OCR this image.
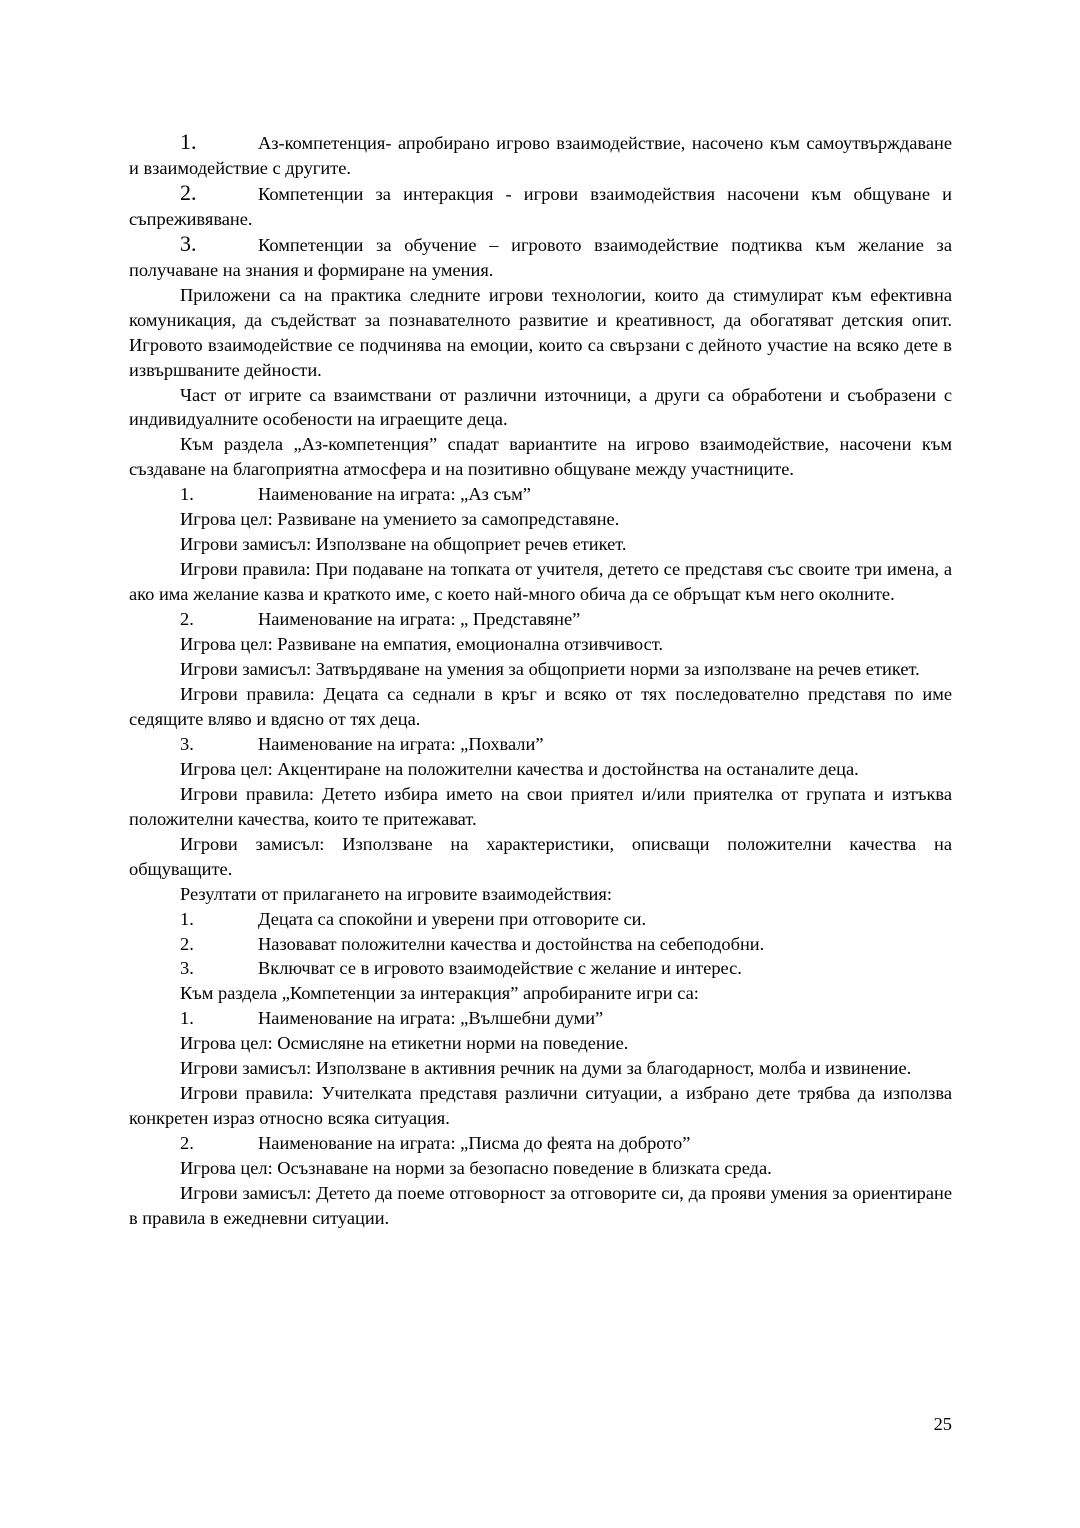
1.	Аз-компетенция- апробирано игрово взаимодействие, насочено към самоутвърждаване и взаимодействие с другите.
2.	Компетенции за интеракция - игрови взаимодействия насочени към общуване и съпреживяване.
3.	Компетенции за обучение – игровото взаимодействие подтиква към желание за получаване на знания и формиране на умения.
Приложени са на практика следните игрови технологии, които да стимулират към ефективна комуникация, да съдействат за познавателното развитие и креативност, да обогатяват детския опит. Игровото взаимодействие се подчинява на емоции, които са свързани с дейното участие на всяко дете в извършваните дейности.
Част от игрите са взаимствани от различни източници, а други са обработени и съобразени с индивидуалните особености на играещите деца.
Към раздела „Аз-компетенция” спадат вариантите на игрово взаимодействие, насочени към създаване на благоприятна атмосфера и на позитивно общуване между участниците.
1.	Наименование на играта: „Аз съм”
Игрова цел: Развиване на умението за самопредставяне.
Игрови замисъл: Използване на общоприет речев етикет.
Игрови правила: При подаване на топката от учителя, детето се представя със своите три имена, а ако има желание казва и краткото име, с което най-много обича да се обръщат към него околните.
2.	Наименование на играта: „ Представяне”
Игрова цел: Развиване на емпатия, емоционална отзивчивост.
Игрови замисъл: Затвърдяване на умения за общоприети норми за използване на речев етикет.
Игрови правила: Децата са седнали в кръг и всяко от тях последователно представя по име седящите вляво и вдясно от тях деца.
3.	Наименование на играта: „Похвали”
Игрова цел: Акцентиране на положителни качества и достойнства на останалите деца.
Игрови правила: Детето избира името на свои приятел и/или приятелка от групата и изтъква положителни качества, които те притежават.
Игрови замисъл: Използване на характеристики, описващи положителни качества на общуващите.
Резултати от прилагането на игровите взаимодействия:
1.	Децата са спокойни и уверени при отговорите си.
2.	Назовават положителни качества и достойнства на себеподобни.
3.	Включват се в игровото взаимодействие с желание и интерес.
Към раздела „Компетенции за интеракция” апробираните игри са:
1.	Наименование на играта: „Вълшебни думи”
Игрова цел: Осмисляне на етикетни норми на поведение.
Игрови замисъл: Използване в активния речник на думи за благодарност, молба и извинение.
Игрови правила: Учителката представя различни ситуации, а избрано дете трябва да използва конкретен израз относно всяка ситуация.
2.	Наименование на играта: „Писма до феята на доброто”
Игрова цел: Осъзнаване на норми за безопасно поведение в близката среда.
Игрови замисъл: Детето да поеме отговорност за отговорите си, да прояви умения за ориентиране в правила в ежедневни ситуации.
25
